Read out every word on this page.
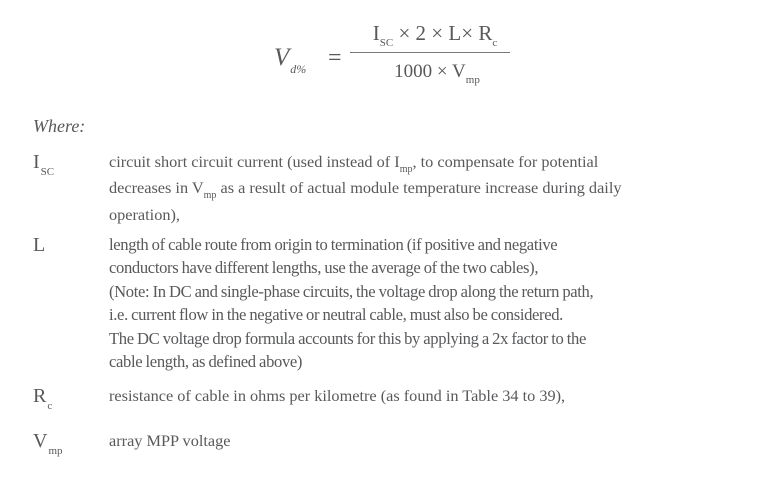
$V_{d\%}$ =
$I_{SC} \times 2 \times L\times R_c$
$1000 \times V_{mp}$
Where:
$I_{SC}$
circuit short circuit current (used instead of $I_{mp}$, to compensate for potential
decreases in $V_{mp}$ as a result of actual module temperature increase during daily
operation),
L	length of cable route from origin to termination (if positive and negative
conductors have different lengths, use the average of the two cables),
(Note: In DC and single-phase circuits, the voltage drop along the return path,
i.e. current flow in the negative or neutral cable, must also be considered.
The DC voltage drop formula accounts for this by applying a 2x factor to the
cable length, as defined above)
$R_c$
resistance of cable in ohms per kilometre (as found in Table 34 to 39),
$V_{mp}$
array MPP voltage
